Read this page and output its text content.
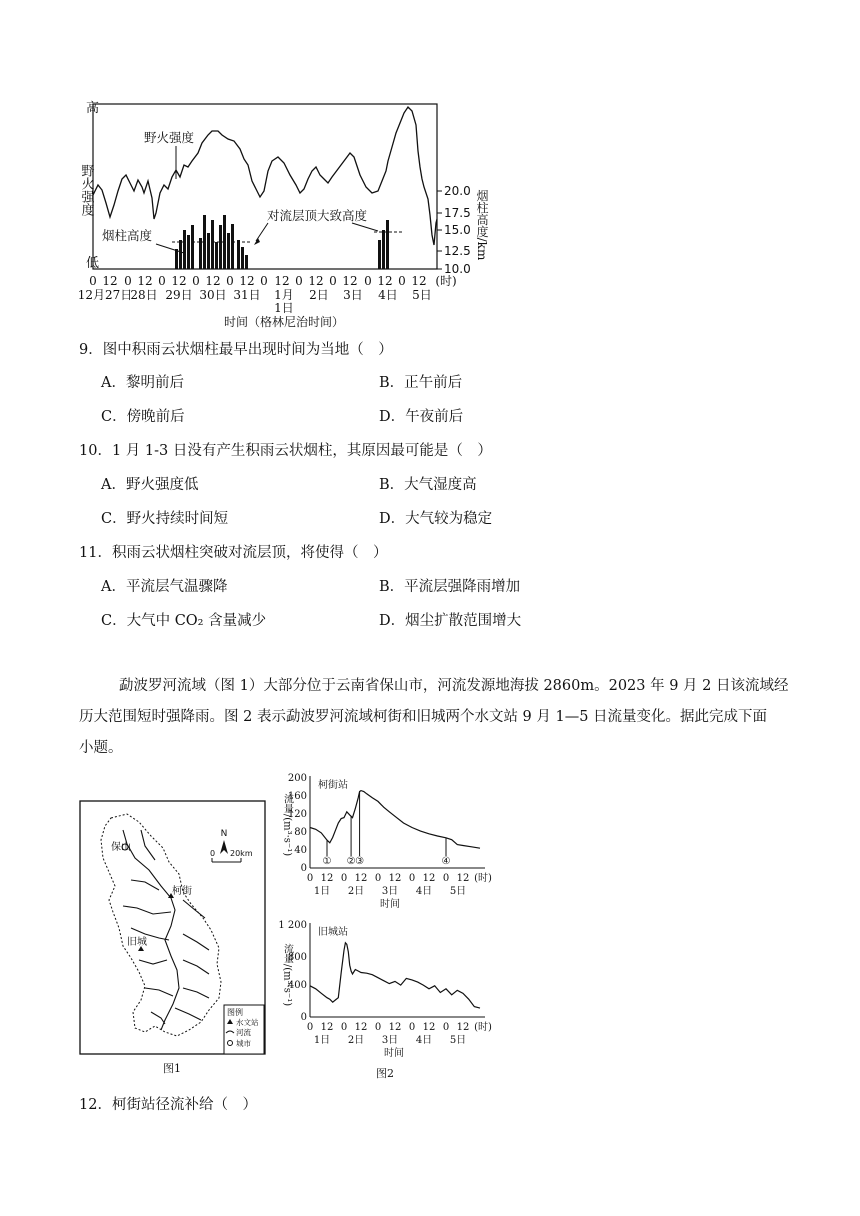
高
低
野火强度	20.0
17.5
15.0
12.5
10.0
烟柱高度/km
野火强度
烟柱高度
对流层顶大致高度
0 12 0 12 0 12 0 12 0 12 0 12 0 12 0 12 0 12 0 12 (时)
12月27日
28日 29日 30日 31日 1月
1日
2日 3日 4日 5日
时间（格林尼治时间）
9．图中积雨云状烟柱最早出现时间为当地（　）
A．黎明前后	B．正午前后
C．傍晚前后	D．午夜前后
10．1 月 1-3 日没有产生积雨云状烟柱，其原因最可能是（　）
A．野火强度低	B．大气湿度高
C．野火持续时间短	D．大气较为稳定
11．积雨云状烟柱突破对流层顶，将使得（　）
A．平流层气温骤降	B．平流层强降雨增加
C．大气中 CO₂ 含量减少	D．烟尘扩散范围增大
勐波罗河流域（图 1）大部分位于云南省保山市，河流发源地海拔 2860m。2023 年 9 月 2 日该流域经
历大范围短时强降雨。图 2 表示勐波罗河流域柯街和旧城两个水文站 9 月 1—5 日流量变化。据此完成下面
小题。
保山
柯街
旧城
N
0 20km
图例
水文站
河流
城市
图1
柯街站
流量/(m³·s⁻¹)
200
160
120
80
40
0
0 12 0 12 0 12 0 12 0 12 (时)
1日 2日 3日 4日 5日
时间
① ② ③	④
旧城站
流量/(m³·s⁻¹)
1 200
800
400
0
0 12 0 12 0 12 0 12 0 12 (时)
1日 2日 3日 4日 5日
时间
图2
12．柯街站径流补给（　）
